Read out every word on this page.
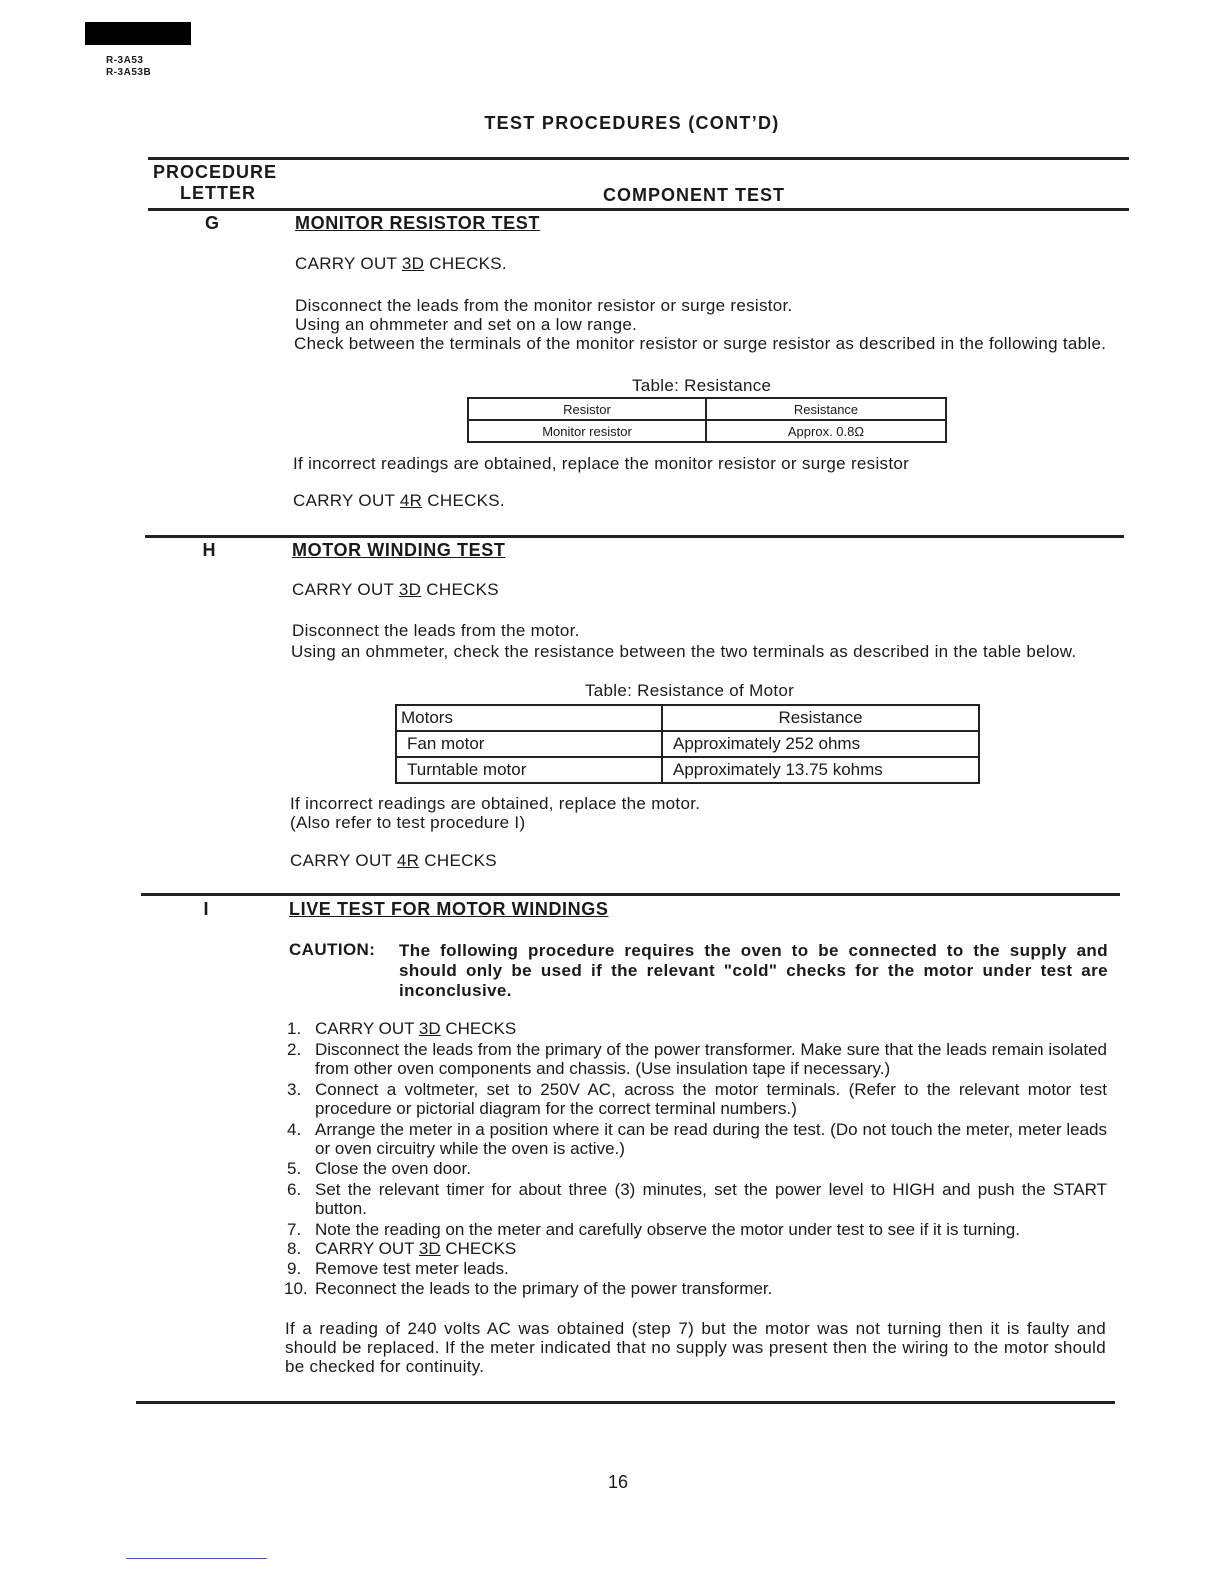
R-3A53
R-3A53B
TEST PROCEDURES (CONT’D)
PROCEDURE
LETTER	COMPONENT TEST
G	MONITOR RESISTOR TEST
CARRY OUT 3D CHECKS.
Disconnect the leads from the monitor resistor or surge resistor.
Using an ohmmeter and set on a low range.
Check between the terminals of the monitor resistor or surge resistor as described in the following table.
Table: Resistance
Resistor	Resistance
Monitor resistor	Approx. 0.8Ω
If incorrect readings are obtained, replace the monitor resistor or surge resistor
CARRY OUT 4R CHECKS.
H	MOTOR WINDING TEST
CARRY OUT 3D CHECKS
Disconnect the leads from the motor.
Using an ohmmeter, check the resistance between the two terminals as described in the table below.
Table: Resistance of Motor
Motors	Resistance
Fan motor	Approximately 252 ohms
Turntable motor	Approximately 13.75 kohms
If incorrect readings are obtained, replace the motor.
(Also refer to test procedure I)
CARRY OUT 4R CHECKS
I	LIVE TEST FOR MOTOR WINDINGS
CAUTION: The following procedure requires the oven to be connected to the supply and should only be used if the relevant "cold" checks for the motor under test are inconclusive.
1. CARRY OUT 3D CHECKS
2. Disconnect the leads from the primary of the power transformer. Make sure that the leads remain isolated from other oven components and chassis. (Use insulation tape if necessary.)
3. Connect a voltmeter, set to 250V AC, across the motor terminals. (Refer to the relevant motor test procedure or pictorial diagram for the correct terminal numbers.)
4. Arrange the meter in a position where it can be read during the test. (Do not touch the meter, meter leads or oven circuitry while the oven is active.)
5. Close the oven door.
6. Set the relevant timer for about three (3) minutes, set the power level to HIGH and push the START button.
7. Note the reading on the meter and carefully observe the motor under test to see if it is turning.
8. CARRY OUT 3D CHECKS
9. Remove test meter leads.
10. Reconnect the leads to the primary of the power transformer.
If a reading of 240 volts AC was obtained (step 7) but the motor was not turning then it is faulty and should be replaced. If the meter indicated that no supply was present then the wiring to the motor should be checked for continuity.
16
